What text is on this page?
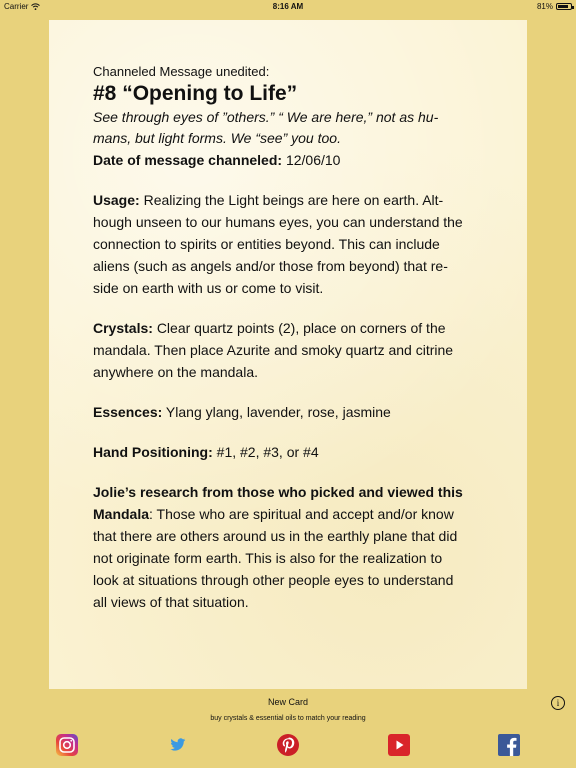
Carrier	8:16 AM	81%
Channeled Message unedited:
#8 “Opening to Life”
See through eyes of ”others.” “ We are here,” not as hu-
mans, but light forms. We “see” you too.
Date of message channeled: 12/06/10
Usage: Realizing the Light beings are here on earth. Alt-
hough unseen to our humans eyes, you can understand the
connection to spirits or entities beyond. This can include
aliens (such as angels and/or those from beyond) that re-
side on earth with us or come to visit.
Crystals: Clear quartz points (2), place on corners of the
mandala. Then place Azurite and smoky quartz and citrine
anywhere on the mandala.
Essences: Ylang ylang, lavender, rose, jasmine
Hand Positioning: #1, #2, #3, or #4
Jolie’s research from those who picked and viewed this
Mandala: Those who are spiritual and accept and/or know
that there are others around us in the earthly plane that did
not originate form earth. This is also for the realization to
look at situations through other people eyes to understand
all views of that situation.
New Card	i
buy crystals & essential oils to match your reading
